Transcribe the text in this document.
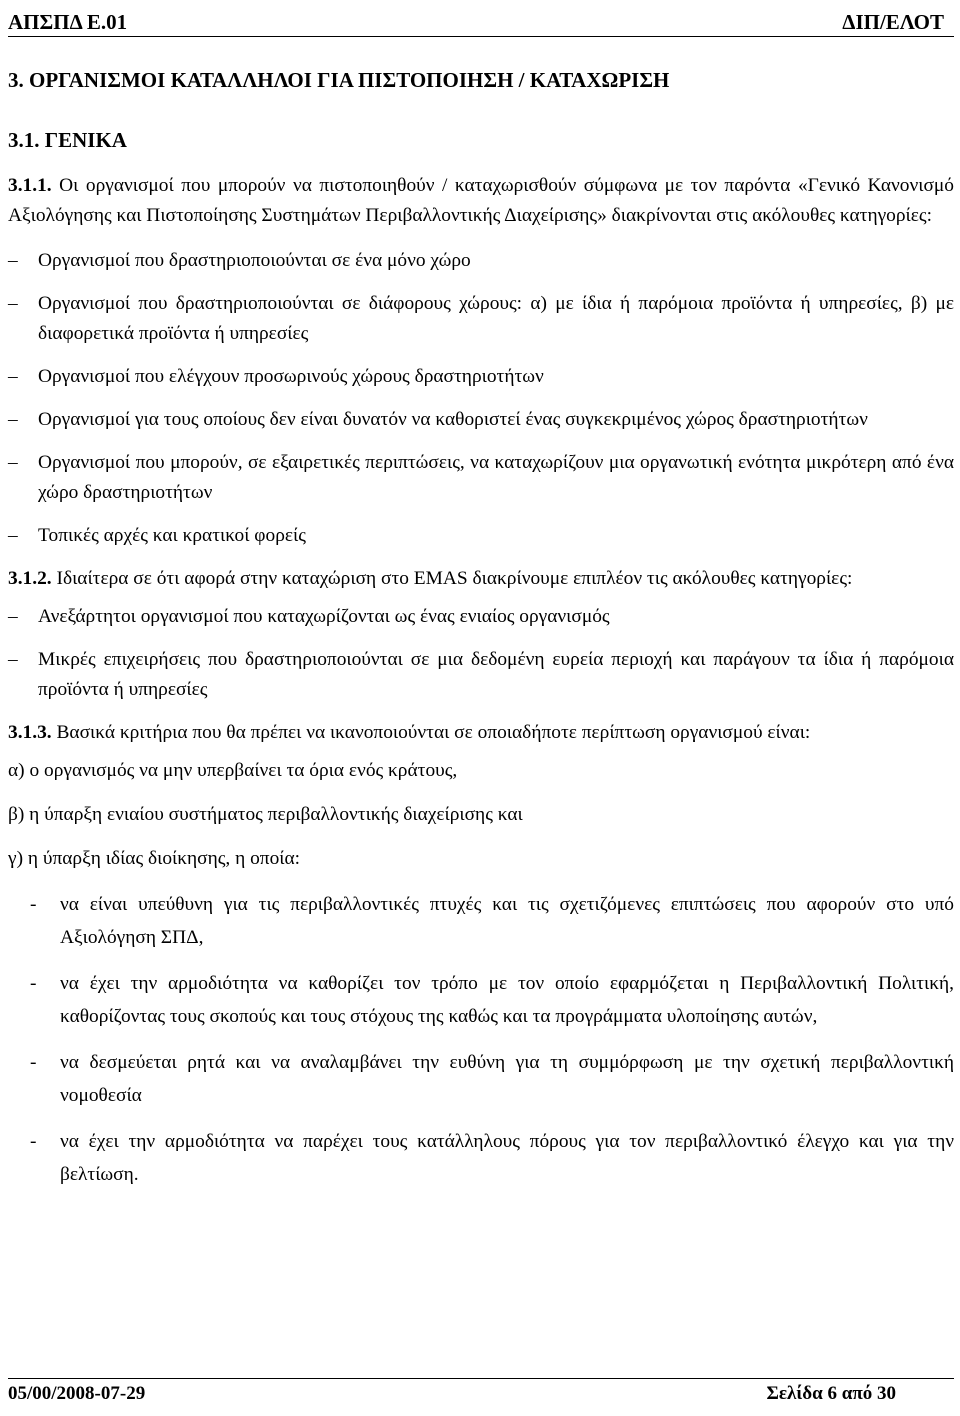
ΑΠΣΠΔ Ε.01	ΔΙΠ/ΕΛΟΤ
3. ΟΡΓΑΝΙΣΜΟΙ ΚΑΤΑΛΛΗΛΟΙ ΓΙΑ ΠΙΣΤΟΠΟΙΗΣΗ / ΚΑΤΑΧΩΡΙΣΗ
3.1. ΓΕΝΙΚΑ

3.1.1. Οι οργανισμοί που μπορούν να πιστοποιηθούν / καταχωρισθούν σύμφωνα με τον παρόντα «Γενικό Κανονισμό Αξιολόγησης και Πιστοποίησης Συστημάτων Περιβαλλοντικής Διαχείρισης» διακρίνονται στις ακόλουθες κατηγορίες:

– Οργανισμοί που δραστηριοποιούνται σε ένα μόνο χώρο
– Οργανισμοί που δραστηριοποιούνται σε διάφορους χώρους: α) με ίδια ή παρόμοια προϊόντα ή υπηρεσίες, β) με διαφορετικά προϊόντα ή υπηρεσίες
– Οργανισμοί που ελέγχουν προσωρινούς χώρους δραστηριοτήτων
– Οργανισμοί για τους οποίους δεν είναι δυνατόν να καθοριστεί ένας συγκεκριμένος χώρος δραστηριοτήτων
– Οργανισμοί που μπορούν, σε εξαιρετικές περιπτώσεις, να καταχωρίζουν μια οργανωτική ενότητα μικρότερη από ένα χώρο δραστηριοτήτων
– Τοπικές αρχές και κρατικοί φορείς

3.1.2. Ιδιαίτερα σε ότι αφορά στην καταχώριση στο EMAS διακρίνουμε επιπλέον τις ακόλουθες κατηγορίες:

– Ανεξάρτητοι οργανισμοί που καταχωρίζονται ως ένας ενιαίος οργανισμός
– Μικρές επιχειρήσεις που δραστηριοποιούνται σε μια δεδομένη ευρεία περιοχή και παράγουν τα ίδια ή παρόμοια προϊόντα ή υπηρεσίες

3.1.3. Βασικά κριτήρια που θα πρέπει να ικανοποιούνται σε οποιαδήποτε περίπτωση οργανισμού είναι:

α) ο οργανισμός να μην υπερβαίνει τα όρια ενός κράτους,

β) η ύπαρξη ενιαίου συστήματος περιβαλλοντικής διαχείρισης και

γ) η ύπαρξη ιδίας διοίκησης, η οποία:

- να είναι υπεύθυνη για τις περιβαλλοντικές πτυχές και τις σχετιζόμενες επιπτώσεις που αφορούν στο υπό Αξιολόγηση ΣΠΔ,
- να έχει την αρμοδιότητα να καθορίζει τον τρόπο με τον οποίο εφαρμόζεται η Περιβαλλοντική Πολιτική, καθορίζοντας τους σκοπούς και τους στόχους της καθώς και τα προγράμματα υλοποίησης αυτών,
- να δεσμεύεται ρητά και να αναλαμβάνει την ευθύνη για τη συμμόρφωση με την σχετική περιβαλλοντική νομοθεσία
- να έχει την αρμοδιότητα να παρέχει τους κατάλληλους πόρους για τον περιβαλλοντικό έλεγχο και για την βελτίωση.
05/00/2008-07-29	Σελίδα 6 από 30
